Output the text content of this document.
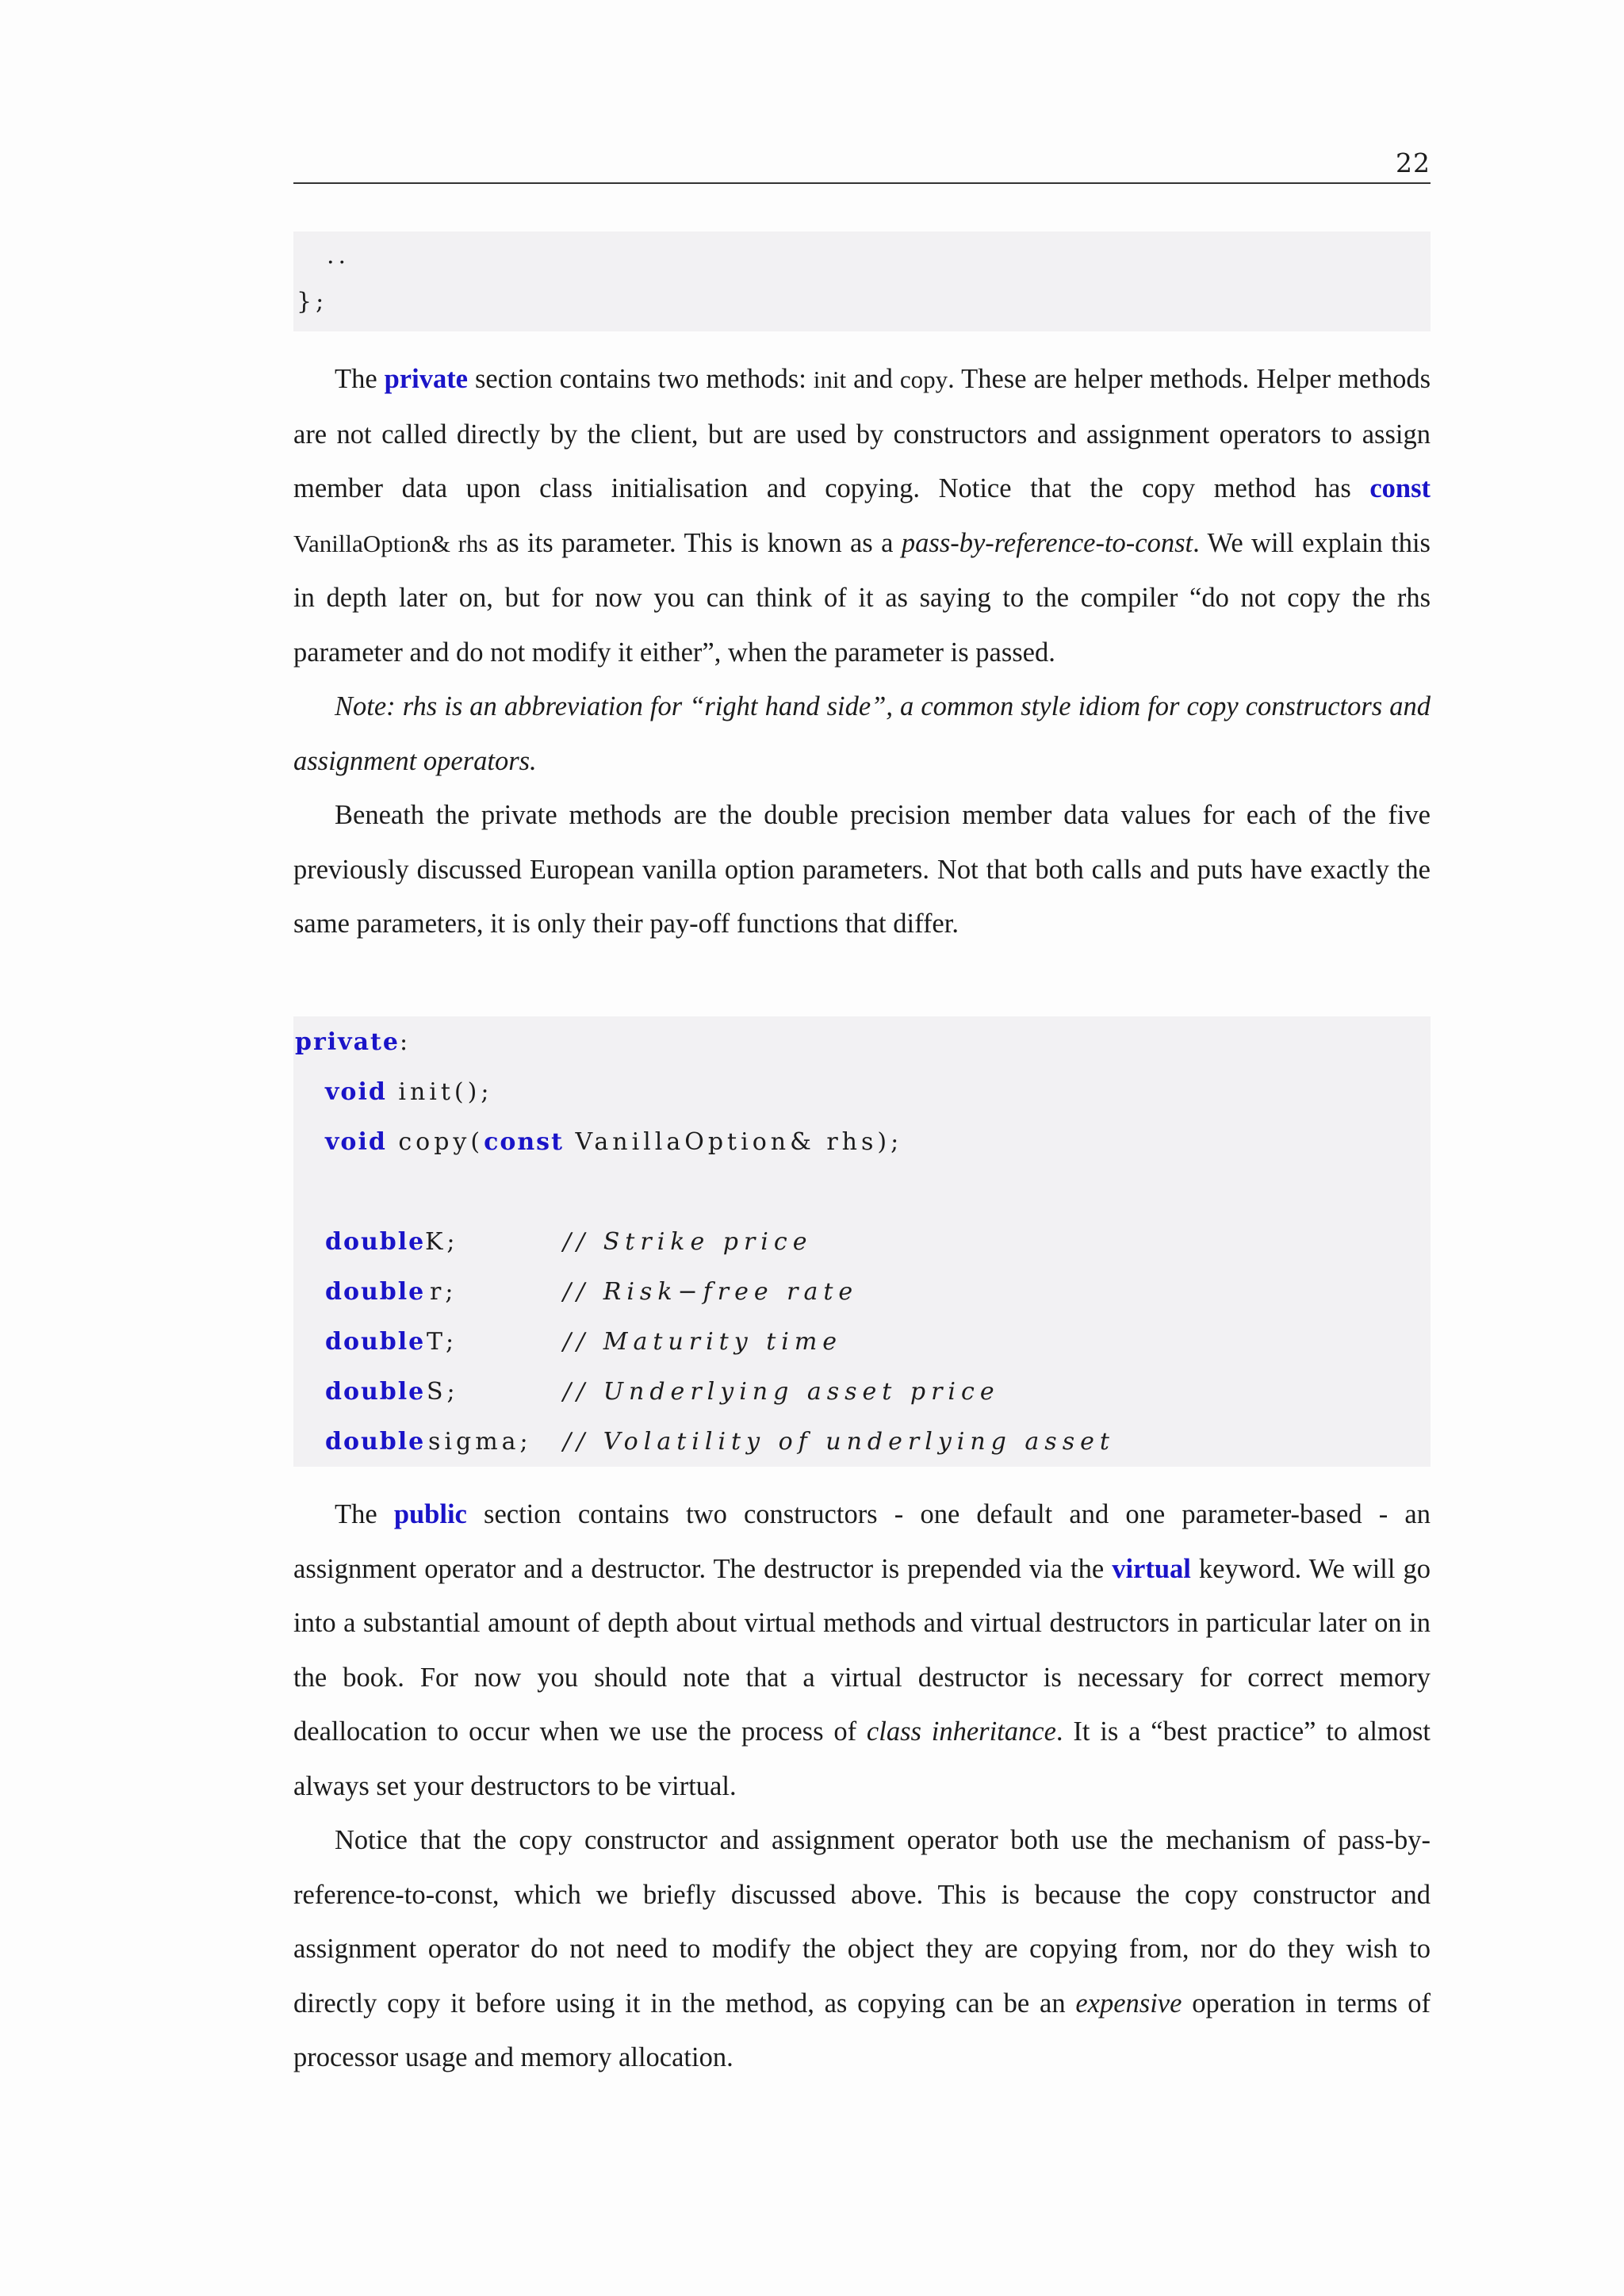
22
..
};

The private section contains two methods: init and copy. These are helper methods. Helper methods are not called directly by the client, but are used by constructors and assignment operators to assign member data upon class initialisation and copying. Notice that the copy method has const VanillaOption& rhs as its parameter. This is known as a pass-by-reference-to-const. We will explain this in depth later on, but for now you can think of it as saying to the compiler “do not copy the rhs parameter and do not modify it either”, when the parameter is passed.

Note: rhs is an abbreviation for “right hand side”, a common style idiom for copy constructors and assignment operators.

Beneath the private methods are the double precision member data values for each of the five previously discussed European vanilla option parameters. Not that both calls and puts have exactly the same parameters, it is only their pay-off functions that differ.

private:
void init();
void copy(const VanillaOption& rhs);
double K;	// Strike price
double r;	// Risk−free rate
double T;	// Maturity time
double S;	// Underlying asset price
double sigma; // Volatility of underlying asset

The public section contains two constructors - one default and one parameter-based - an assignment operator and a destructor. The destructor is prepended via the virtual keyword. We will go into a substantial amount of depth about virtual methods and virtual destructors in particular later on in the book. For now you should note that a virtual destructor is necessary for correct memory deallocation to occur when we use the process of class inheritance. It is a “best practice” to almost always set your destructors to be virtual.

Notice that the copy constructor and assignment operator both use the mechanism of pass-by-reference-to-const, which we briefly discussed above. This is because the copy constructor and assignment operator do not need to modify the object they are copying from, nor do they wish to directly copy it before using it in the method, as copying can be an expensive operation in terms of processor usage and memory allocation.
